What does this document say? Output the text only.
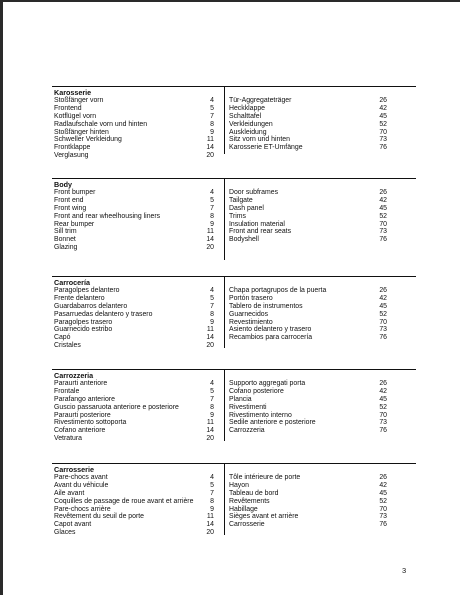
Karosserie
Stoßfänger vorn	4
Frontend	5
Kotflügel vorn	7
Radlaufschale vorn und hinten	8
Stoßfänger hinten	9
Schweller Verkleidung	11
Frontklappe	14
Verglasung	20
Tür-Aggregateträger	26
Heckklappe	42
Schalttafel	45
Verkleidungen	52
Auskleidung	70
Sitz vorn und hinten	73
Karosserie ET-Umfänge	76
Body
Front bumper	4
Front end	5
Front wing	7
Front and rear wheelhousing liners	8
Rear bumper	9
Sill trim	11
Bonnet	14
Glazing	20
Door subframes	26
Tailgate	42
Dash panel	45
Trims	52
Insulation material	70
Front and rear seats	73
Bodyshell	76
Carrocería
Paragolpes delantero	4
Frente delantero	5
Guardabarros delantero	7
Pasarruedas delantero y trasero	8
Paragolpes trasero	9
Guarnecido estribo	11
Capó	14
Cristales	20
Chapa portagrupos de la puerta	26
Portón trasero	42
Tablero de instrumentos	45
Guarnecidos	52
Revestimiento	70
Asiento delantero y trasero	73
Recambios para carrocería	76
Carrozzeria
Paraurti anteriore	4
Frontale	5
Parafango anteriore	7
Guscio passaruota anteriore e posteriore	8
Paraurti posteriore	9
Rivestimento sottoporta	11
Cofano anteriore	14
Vetratura	20
Supporto aggregati porta	26
Cofano posteriore	42
Plancia	45
Rivestimenti	52
Rivestimento interno	70
Sedile anteriore e posteriore	73
Carrozzeria	76
Carrosserie
Pare-chocs avant	4
Avant du véhicule	5
Aile avant	7
Coquilles de passage de roue avant et arrière 8
Pare-chocs arrière	9
Revêtement du seuil de porte	11
Capot avant	14
Glaces	20
Tôle intérieure de porte	26
Hayon	42
Tableau de bord	45
Revêtements	52
Habillage	70
Sièges avant et arrière	73
Carrosserie	76
3
